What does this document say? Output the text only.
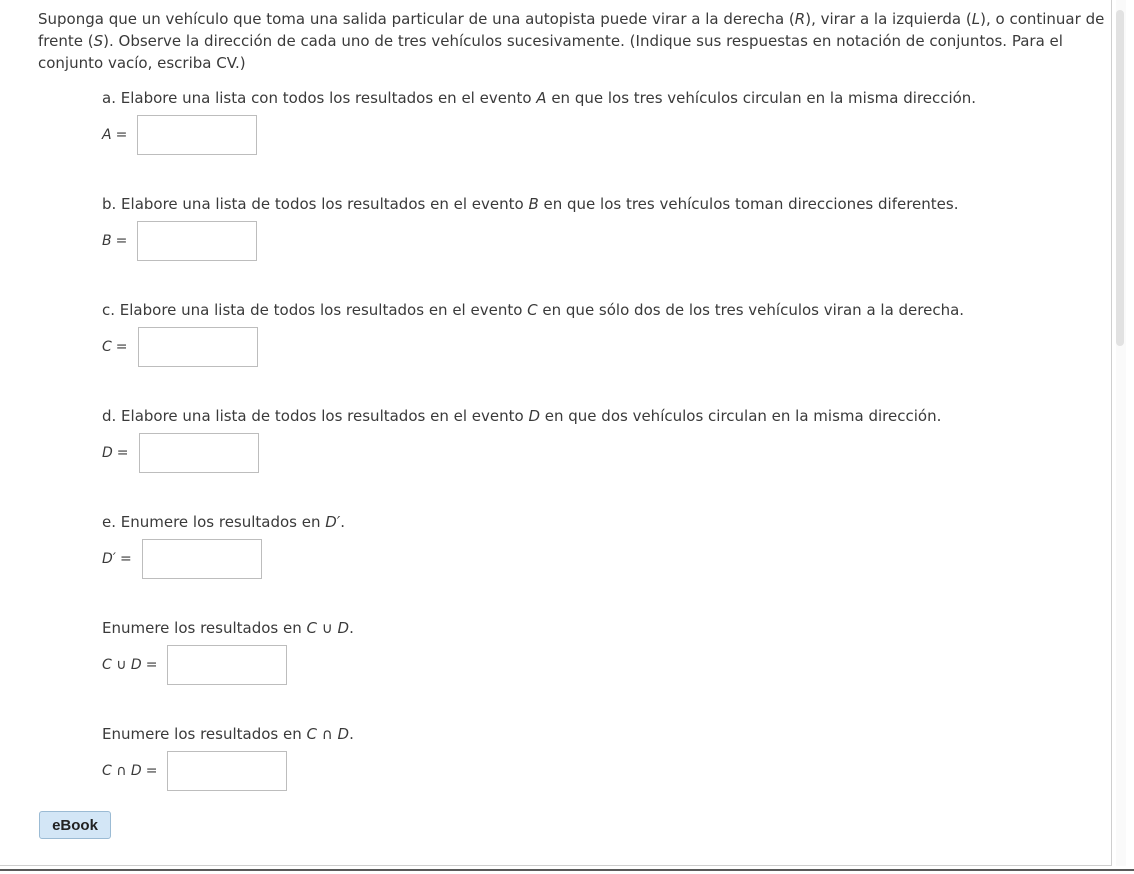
Suponga que un vehículo que toma una salida particular de una autopista puede virar a la derecha (R), virar a la izquierda (L), o continuar de frente (S). Observe la dirección de cada uno de tres vehículos sucesivamente. (Indique sus respuestas en notación de conjuntos. Para el conjunto vacío, escriba CV.)

a. Elabore una lista con todos los resultados en el evento A en que los tres vehículos circulan en la misma dirección.
A =
b. Elabore una lista de todos los resultados en el evento B en que los tres vehículos toman direcciones diferentes.
B =
c. Elabore una lista de todos los resultados en el evento C en que sólo dos de los tres vehículos viran a la derecha.
C =
d. Elabore una lista de todos los resultados en el evento D en que dos vehículos circulan en la misma dirección.
D =
e. Enumere los resultados en D′.
D′ =
Enumere los resultados en C ∪ D.
C ∪ D =
Enumere los resultados en C ∩ D.
C ∩ D =
eBook
